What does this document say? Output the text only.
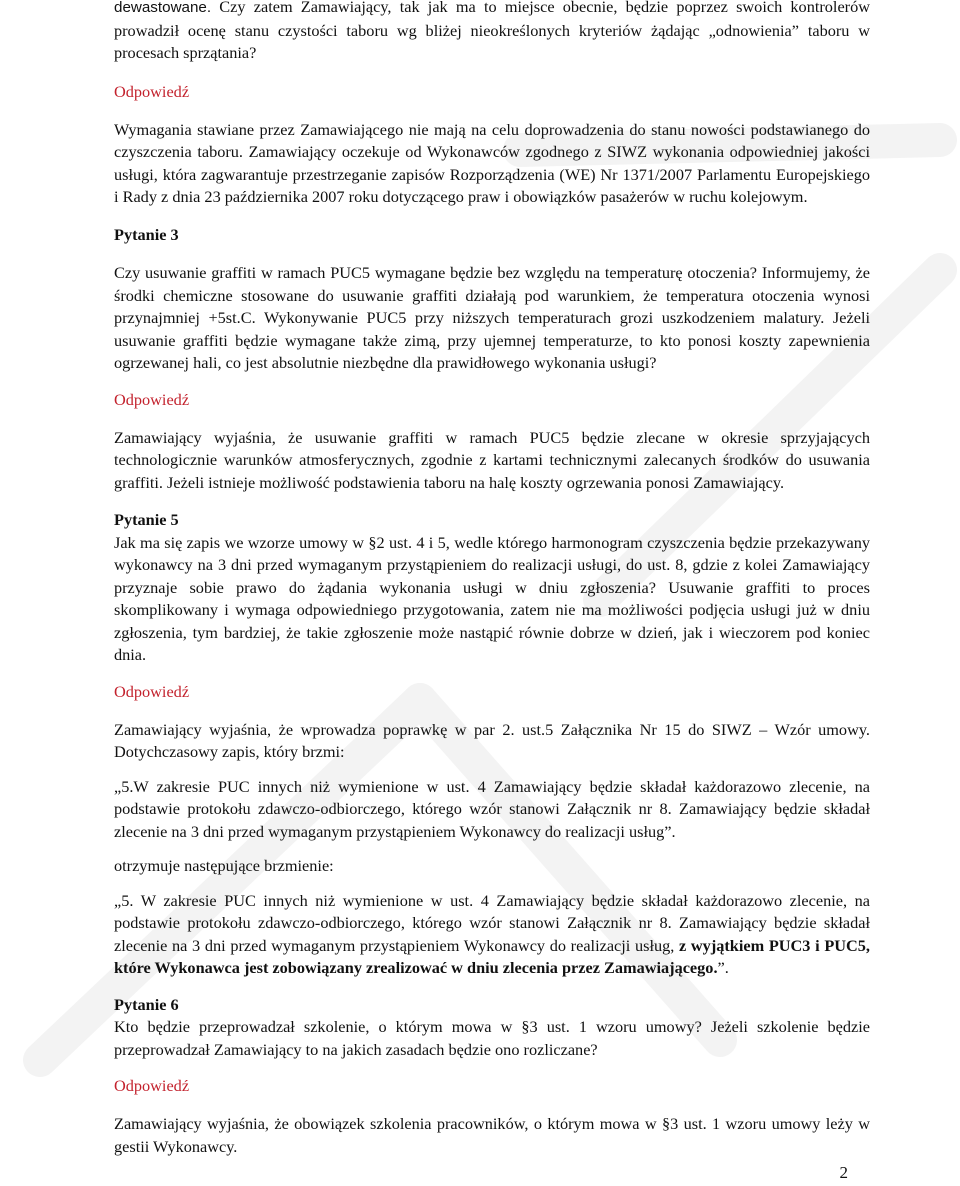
dewastowane. Czy zatem Zamawiający, tak jak ma to miejsce obecnie, będzie poprzez swoich kontrolerów prowadził ocenę stanu czystości taboru wg bliżej nieokreślonych kryteriów żądając „odnowienia” taboru w procesach sprzątania?

Odpowiedź

Wymagania stawiane przez Zamawiającego nie mają na celu doprowadzenia do stanu nowości podstawianego do czyszczenia taboru. Zamawiający oczekuje od Wykonawców zgodnego z SIWZ wykonania odpowiedniej jakości usługi, która zagwarantuje przestrzeganie zapisów Rozporządzenia (WE) Nr 1371/2007 Parlamentu Europejskiego i Rady z dnia 23 października 2007 roku dotyczącego praw i obowiązków pasażerów w ruchu kolejowym.

Pytanie 3

Czy usuwanie graffiti w ramach PUC5 wymagane będzie bez względu na temperaturę otoczenia? Informujemy, że środki chemiczne stosowane do usuwanie graffiti działają pod warunkiem, że temperatura otoczenia wynosi przynajmniej +5st.C. Wykonywanie PUC5 przy niższych temperaturach grozi uszkodzeniem malatury. Jeżeli usuwanie graffiti będzie wymagane także zimą, przy ujemnej temperaturze, to kto ponosi koszty zapewnienia ogrzewanej hali, co jest absolutnie niezbędne dla prawidłowego wykonania usługi?

Odpowiedź

Zamawiający wyjaśnia, że usuwanie graffiti w ramach PUC5 będzie zlecane w okresie sprzyjających technologicznie warunków atmosferycznych, zgodnie z kartami technicznymi zalecanych środków do usuwania graffiti. Jeżeli istnieje możliwość podstawienia taboru na halę koszty ogrzewania ponosi Zamawiający.

Pytanie 5

Jak ma się zapis we wzorze umowy w §2 ust. 4 i 5, wedle którego harmonogram czyszczenia będzie przekazywany wykonawcy na 3 dni przed wymaganym przystąpieniem do realizacji usługi, do ust. 8, gdzie z kolei Zamawiający przyznaje sobie prawo do żądania wykonania usługi w dniu zgłoszenia? Usuwanie graffiti to proces skomplikowany i wymaga odpowiedniego przygotowania, zatem nie ma możliwości podjęcia usługi już w dniu zgłoszenia, tym bardziej, że takie zgłoszenie może nastąpić równie dobrze w dzień, jak i wieczorem pod koniec dnia.

Odpowiedź

Zamawiający wyjaśnia, że wprowadza poprawkę w par 2. ust.5 Załącznika Nr 15 do SIWZ – Wzór umowy. Dotychczasowy zapis, który brzmi:

„5.W zakresie PUC innych niż wymienione w ust. 4 Zamawiający będzie składał każdorazowo zlecenie, na podstawie protokołu zdawczo-odbiorczego, którego wzór stanowi Załącznik nr 8. Zamawiający będzie składał zlecenie na 3 dni przed wymaganym przystąpieniem Wykonawcy do realizacji usług”.

otrzymuje następujące brzmienie:

„5. W zakresie PUC innych niż wymienione w ust. 4 Zamawiający będzie składał każdorazowo zlecenie, na podstawie protokołu zdawczo-odbiorczego, którego wzór stanowi Załącznik nr 8. Zamawiający będzie składał zlecenie na 3 dni przed wymaganym przystąpieniem Wykonawcy do realizacji usług, z wyjątkiem PUC3 i PUC5, które Wykonawca jest zobowiązany zrealizować w dniu zlecenia przez Zamawiającego.”.

Pytanie 6

Kto będzie przeprowadzał szkolenie, o którym mowa w §3 ust. 1 wzoru umowy? Jeżeli szkolenie będzie przeprowadzał Zamawiający to na jakich zasadach będzie ono rozliczane?

Odpowiedź

Zamawiający wyjaśnia, że obowiązek szkolenia pracowników, o którym mowa w §3 ust. 1 wzoru umowy leży w gestii Wykonawcy.

2
